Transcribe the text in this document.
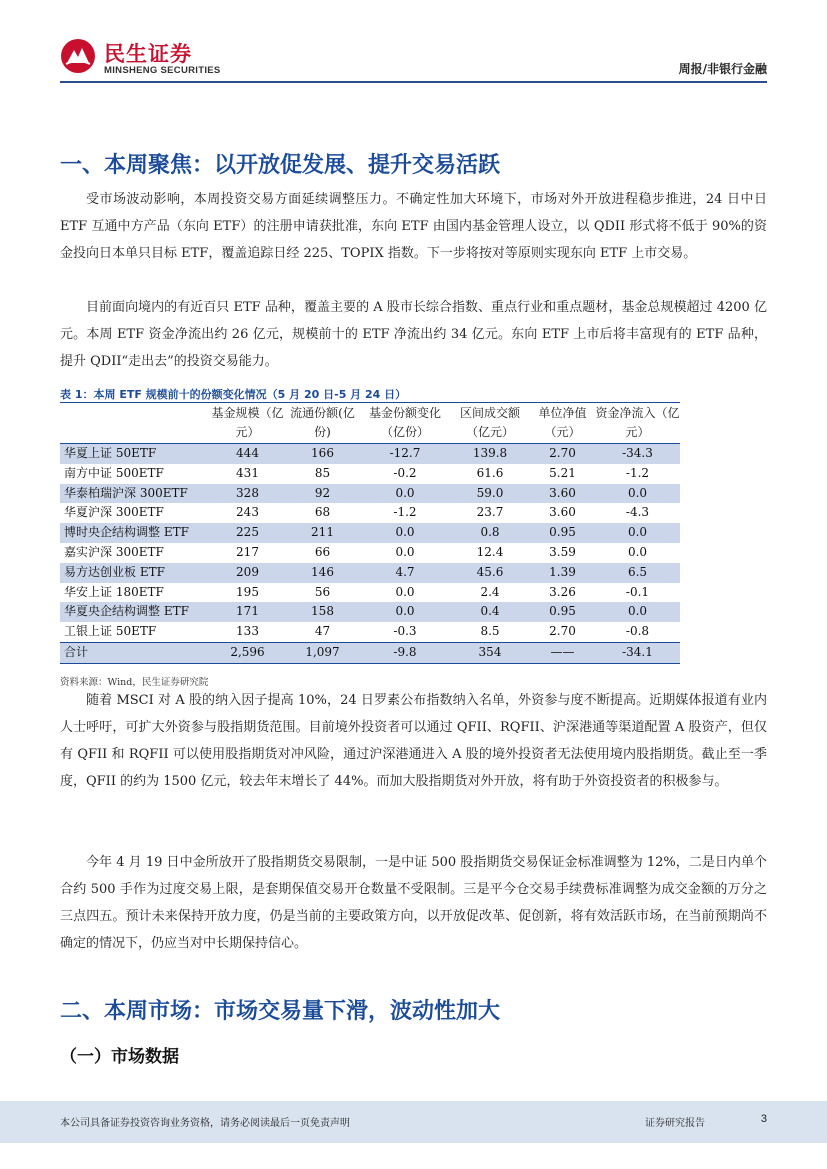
民生证券
MINSHENG SECURITIES	周报/非银行金融
一、本周聚焦：以开放促发展、提升交易活跃

受市场波动影响，本周投资交易方面延续调整压力。不确定性加大环境下，市场对外开放进程稳步推进，24 日中日 ETF 互通中方产品（东向 ETF）的注册申请获批准，东向 ETF 由国内基金管理人设立，以 QDII 形式将不低于 90%的资金投向日本单只目标 ETF，覆盖追踪日经 225、TOPIX 指数。下一步将按对等原则实现东向 ETF 上市交易。

目前面向境内的有近百只 ETF 品种，覆盖主要的 A 股市长综合指数、重点行业和重点题材，基金总规模超过 4200 亿元。本周 ETF 资金净流出约 26 亿元，规模前十的 ETF 净流出约 34 亿元。东向 ETF 上市后将丰富现有的 ETF 品种，提升 QDII“走出去”的投资交易能力。

表 1：本周 ETF 规模前十的份额变化情况（5 月 20 日-5 月 24 日）
	基金规模（亿元）	流通份额(亿份)	基金份额变化（亿份）	区间成交额（亿元）	单位净值（元）	资金净流入（亿元）
华夏上证 50ETF	444	166	-12.7	139.8	2.70	-34.3
南方中证 500ETF	431	85	-0.2	61.6	5.21	-1.2
华泰柏瑞沪深 300ETF	328	92	0.0	59.0	3.60	0.0
华夏沪深 300ETF	243	68	-1.2	23.7	3.60	-4.3
博时央企结构调整 ETF	225	211	0.0	0.8	0.95	0.0
嘉实沪深 300ETF	217	66	0.0	12.4	3.59	0.0
易方达创业板 ETF	209	146	4.7	45.6	1.39	6.5
华安上证 180ETF	195	56	0.0	2.4	3.26	-0.1
华夏央企结构调整 ETF	171	158	0.0	0.4	0.95	0.0
工银上证 50ETF	133	47	-0.3	8.5	2.70	-0.8
合计	2,596	1,097	-9.8	354	——	-34.1
资料来源：Wind，民生证券研究院

随着 MSCI 对 A 股的纳入因子提高 10%，24 日罗素公布指数纳入名单，外资参与度不断提高。近期媒体报道有业内人士呼吁，可扩大外资参与股指期货范围。目前境外投资者可以通过 QFII、RQFII、沪深港通等渠道配置 A 股资产，但仅有 QFII 和 RQFII 可以使用股指期货对冲风险，通过沪深港通进入 A 股的境外投资者无法使用境内股指期货。截止至一季度，QFII 的约为 1500 亿元，较去年末增长了 44%。而加大股指期货对外开放，将有助于外资投资者的积极参与。

今年 4 月 19 日中金所放开了股指期货交易限制，一是中证 500 股指期货交易保证金标准调整为 12%，二是日内单个合约 500 手作为过度交易上限，是套期保值交易开仓数量不受限制。三是平今仓交易手续费标准调整为成交金额的万分之三点四五。预计未来保持开放力度，仍是当前的主要政策方向，以开放促改革、促创新，将有效活跃市场，在当前预期尚不确定的情况下，仍应当对中长期保持信心。

二、本周市场：市场交易量下滑，波动性加大
（一）市场数据
本公司具备证券投资咨询业务资格，请务必阅读最后一页免责声明	证券研究报告	3
